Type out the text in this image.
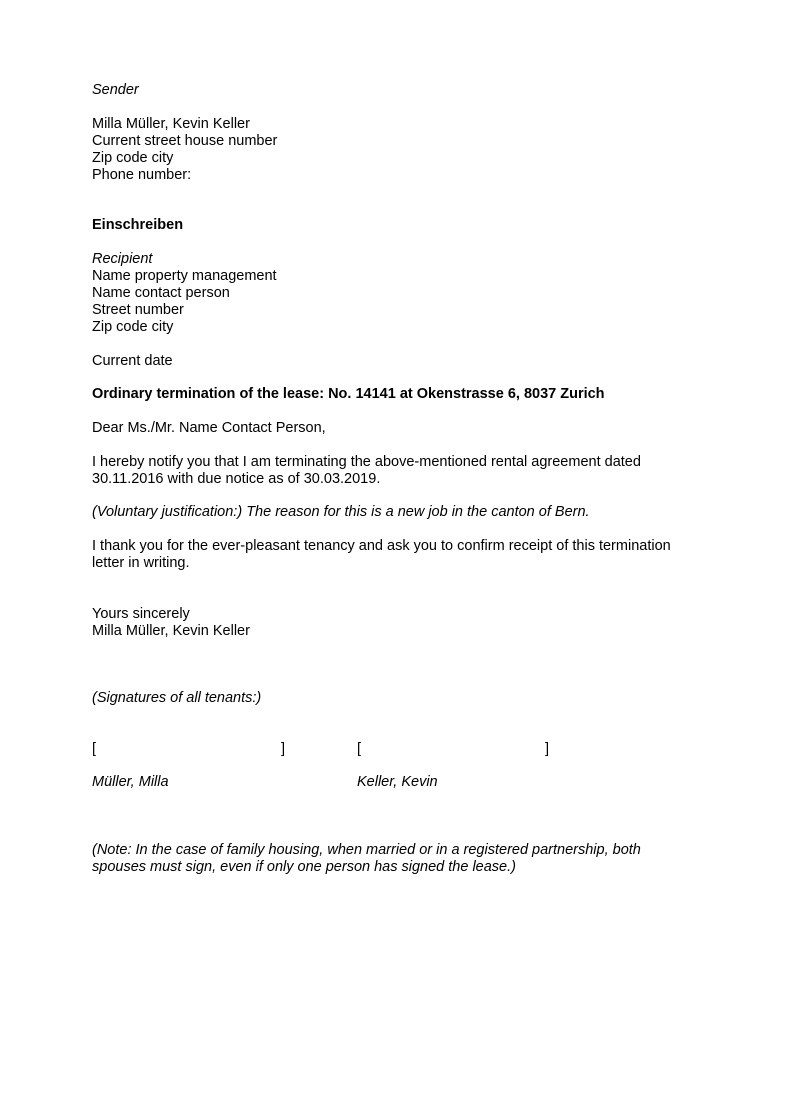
Sender
Milla Müller, Kevin Keller
Current street house number
Zip code city
Phone number:
Einschreiben
Recipient
Name property management
Name contact person
Street number
Zip code city
Current date
Ordinary termination of the lease: No. 14141 at Okenstrasse 6, 8037 Zurich
Dear Ms./Mr. Name Contact Person,
I hereby notify you that I am terminating the above-mentioned rental agreement dated
30.11.2016 with due notice as of 30.03.2019.
(Voluntary justification:) The reason for this is a new job in the canton of Bern.
I thank you for the ever-pleasant tenancy and ask you to confirm receipt of this termination
letter in writing.
Yours sincerely
Milla Müller, Kevin Keller
(Signatures of all tenants:)
[	]	[	]
Müller, Milla	Keller, Kevin
(Note: In the case of family housing, when married or in a registered partnership, both
spouses must sign, even if only one person has signed the lease.)
